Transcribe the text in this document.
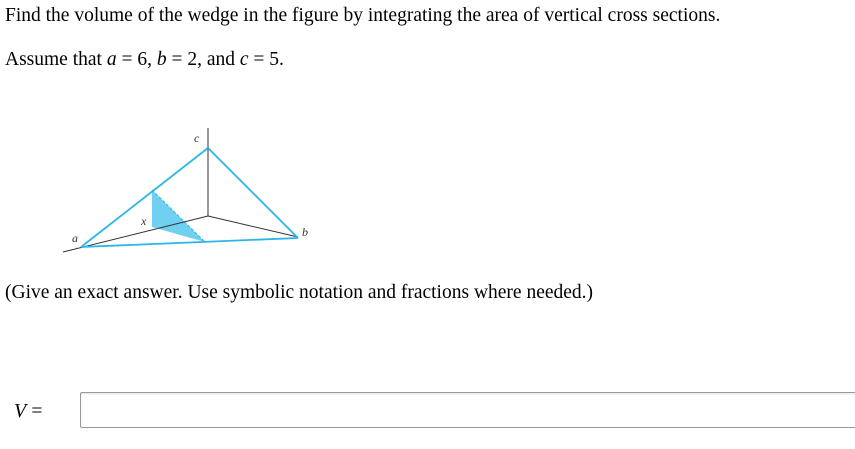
Find the volume of the wedge in the figure by integrating the area of vertical cross sections.
Assume that a = 6, b = 2, and c = 5.
c
x
a	b
(Give an exact answer. Use symbolic notation and fractions where needed.)
V =
